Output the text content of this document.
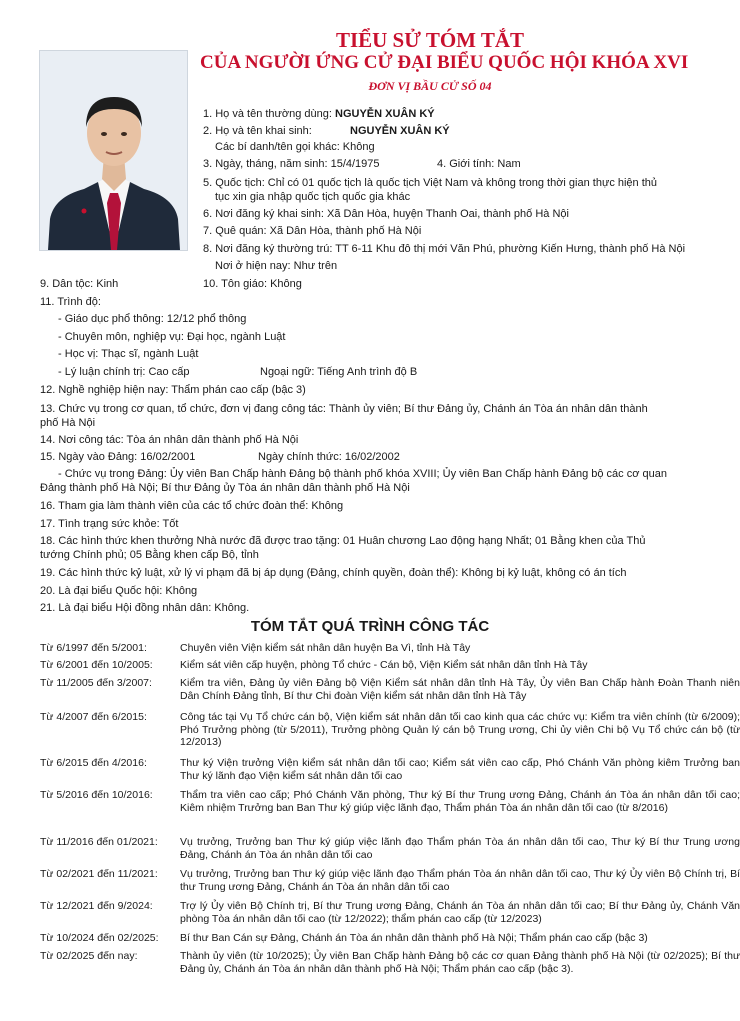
TIỂU SỬ TÓM TẮT
CỦA NGƯỜI ỨNG CỬ ĐẠI BIỂU QUỐC HỘI KHÓA XVI
ĐƠN VỊ BẦU CỬ SỐ 04
1. Họ và tên thường dùng: NGUYỄN XUÂN KÝ
2. Họ và tên khai sinh:	NGUYỄN XUÂN KÝ
Các bí danh/tên gọi khác: Không
3. Ngày, tháng, năm sinh: 15/4/1975	4. Giới tính: Nam
5. Quốc tịch: Chỉ có 01 quốc tịch là quốc tịch Việt Nam và không trong thời gian thực hiện thủ
tục xin gia nhập quốc tịch quốc gia khác
6. Nơi đăng ký khai sinh: Xã Dân Hòa, huyện Thanh Oai, thành phố Hà Nội
7. Quê quán: Xã Dân Hòa, thành phố Hà Nội
8. Nơi đăng ký thường trú: TT 6-11 Khu đô thị mới Văn Phú, phường Kiến Hưng, thành phố Hà Nội
Nơi ở hiện nay: Như trên
9. Dân tộc: Kinh	10. Tôn giáo: Không
11. Trình độ:
- Giáo dục phổ thông: 12/12 phổ thông
- Chuyên môn, nghiệp vụ: Đại học, ngành Luật
- Học vị: Thạc sĩ, ngành Luật
- Lý luận chính trị: Cao cấp	Ngoại ngữ: Tiếng Anh trình độ B
12. Nghề nghiệp hiện nay: Thẩm phán cao cấp (bậc 3)
13. Chức vụ trong cơ quan, tổ chức, đơn vị đang công tác: Thành ủy viên; Bí thư Đảng ủy, Chánh án Tòa án nhân dân thành
phố Hà Nội
14. Nơi công tác: Tòa án nhân dân thành phố Hà Nội
15. Ngày vào Đảng: 16/02/2001	Ngày chính thức: 16/02/2002
- Chức vụ trong Đảng: Ủy viên Ban Chấp hành Đảng bộ thành phố khóa XVIII; Ủy viên Ban Chấp hành Đảng bộ các cơ quan
Đảng thành phố Hà Nội; Bí thư Đảng ủy Tòa án nhân dân thành phố Hà Nội
16. Tham gia làm thành viên của các tổ chức đoàn thể: Không
17. Tình trạng sức khỏe: Tốt
18. Các hình thức khen thưởng Nhà nước đã được trao tặng: 01 Huân chương Lao động hạng Nhất; 01 Bằng khen của Thủ
tướng Chính phủ; 05 Bằng khen cấp Bộ, tỉnh
19. Các hình thức kỷ luật, xử lý vi phạm đã bị áp dụng (Đảng, chính quyền, đoàn thể): Không bị kỷ luật, không có án tích
20. Là đại biểu Quốc hội: Không
21. Là đại biểu Hội đồng nhân dân: Không.
TÓM TẮT QUÁ TRÌNH CÔNG TÁC
Từ 6/1997 đến 5/2001:	Chuyên viên Viện kiểm sát nhân dân huyện Ba Vì, tỉnh Hà Tây
Từ 6/2001 đến 10/2005:	Kiểm sát viên cấp huyện, phòng Tổ chức - Cán bộ, Viện Kiểm sát nhân dân tỉnh Hà Tây
Từ 11/2005 đến 3/2007:	Kiểm tra viên, Đảng ủy viên Đảng bộ Viện Kiểm sát nhân dân tỉnh Hà Tây, Ủy viên Ban Chấp hành Đoàn Thanh niên Dân Chính Đảng tỉnh, Bí thư Chi đoàn Viện kiểm sát nhân dân tỉnh Hà Tây
Từ 4/2007 đến 6/2015:	Công tác tại Vụ Tổ chức cán bộ, Viện kiểm sát nhân dân tối cao kinh qua các chức vụ: Kiểm tra viên chính (từ 6/2009); Phó Trưởng phòng (từ 5/2011), Trưởng phòng Quản lý cán bộ Trung ương, Chi ủy viên Chi bộ Vụ Tổ chức cán bộ (từ 12/2013)
Từ 6/2015 đến 4/2016:	Thư ký Viện trưởng Viện kiểm sát nhân dân tối cao; Kiểm sát viên cao cấp, Phó Chánh Văn phòng kiêm Trưởng ban Thư ký lãnh đạo Viện kiểm sát nhân dân tối cao
Từ 5/2016 đến 10/2016:	Thẩm tra viên cao cấp; Phó Chánh Văn phòng, Thư ký Bí thư Trung ương Đảng, Chánh án Tòa án nhân dân tối cao; Kiêm nhiệm Trưởng ban Ban Thư ký giúp việc lãnh đạo, Thẩm phán Tòa án nhân dân tối cao (từ 8/2016)
Từ 11/2016 đến 01/2021:	Vụ trưởng, Trưởng ban Thư ký giúp việc lãnh đạo Thẩm phán Tòa án nhân dân tối cao, Thư ký Bí thư Trung ương Đảng, Chánh án Tòa án nhân dân tối cao
Từ 02/2021 đến 11/2021:	Vụ trưởng, Trưởng ban Thư ký giúp việc lãnh đạo Thẩm phán Tòa án nhân dân tối cao, Thư ký Ủy viên Bộ Chính trị, Bí thư Trung ương Đảng, Chánh án Tòa án nhân dân tối cao
Từ 12/2021 đến 9/2024:	Trợ lý Ủy viên Bộ Chính trị, Bí thư Trung ương Đảng, Chánh án Tòa án nhân dân tối cao; Bí thư Đảng ủy, Chánh Văn phòng Tòa án nhân dân tối cao (từ 12/2022); thẩm phán cao cấp (từ 12/2023)
Từ 10/2024 đến 02/2025:	Bí thư Ban Cán sự Đảng, Chánh án Tòa án nhân dân thành phố Hà Nội; Thẩm phán cao cấp (bậc 3)
Từ 02/2025 đến nay:	Thành ủy viên (từ 10/2025); Ủy viên Ban Chấp hành Đảng bộ các cơ quan Đảng thành phố Hà Nội (từ 02/2025); Bí thư Đảng ủy, Chánh án Tòa án nhân dân thành phố Hà Nội; Thẩm phán cao cấp (bậc 3).
